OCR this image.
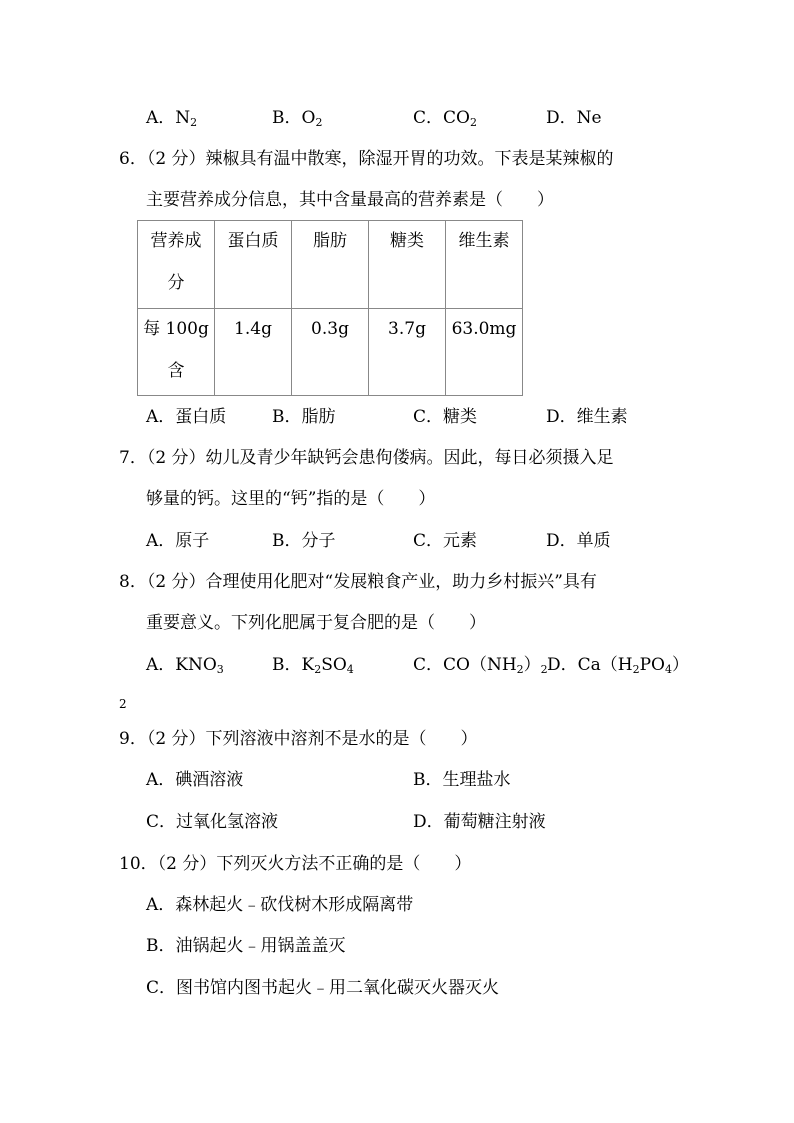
A．$N_2$	B．$O_2$	C．$CO_2$	D．Ne
6．（2 分）辣椒具有温中散寒，除湿开胃的功效。下表是某辣椒的
主要营养成分信息，其中含量最高的营养素是（　　）
营养成
分	蛋白质	脂肪	糖类	维生素

每 100g
含	1.4g	0.3g	3.7g	63.0mg
A．蛋白质	B．脂肪	C．糖类	D．维生素
7．（2 分）幼儿及青少年缺钙会患佝偻病。因此，每日必须摄入足
够量的钙。这里的“钙”指的是（　　）
A．原子	B．分子	C．元素	D．单质
8．（2 分）合理使用化肥对“发展粮食产业，助力乡村振兴”具有
重要意义。下列化肥属于复合肥的是（　　）
A．$KNO_3$	B．$K_2SO_4$	C．$CO(NH_2)_2$ D．$Ca(H_2PO_4)$
2
9．（2 分）下列溶液中溶剂不是水的是（　　）
A．碘酒溶液	B．生理盐水
C．过氧化氢溶液	D．葡萄糖注射液
10．（2 分）下列灭火方法不正确的是（　　）
A．森林起火﹣砍伐树木形成隔离带
B．油锅起火﹣用锅盖盖灭
C．图书馆内图书起火﹣用二氧化碳灭火器灭火
